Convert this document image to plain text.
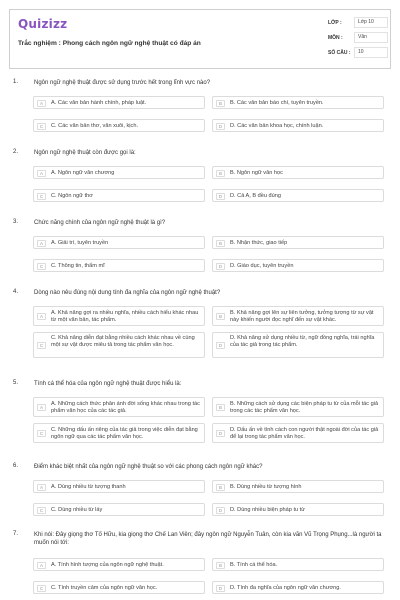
Quizizz
Trắc nghiệm : Phong cách ngôn ngữ nghệ thuật có đáp án
LỚP :	Lớp 10
MÔN :	Văn
SỐ CÂU :	10
1.	Ngôn ngữ nghệ thuật được sử dụng trước hết trong lĩnh vực nào?
A	A. Các văn bản hành chính, pháp luật.	B	B. Các văn bản báo chí, tuyên truyền.
C	C. Các văn bản thơ, văn xuôi, kịch.	D	D. Các văn bản khoa học, chính luận.
2.	Ngôn ngữ nghệ thuật còn được gọi là:
A	A. Ngôn ngữ văn chương	B	B. Ngôn ngữ văn học
C	C. Ngôn ngữ thơ	D	D. Cả A, B đều đúng
3.	Chức năng chính của ngôn ngữ nghệ thuật là gì?
A	A. Giải trí, tuyên truyền	B	B. Nhận thức, giao tiếp
C	C. Thông tin, thẩm mĩ	D	D. Giáo dục, tuyên truyền
4.	Dòng nào nêu đúng nội dung tính đa nghĩa của ngôn ngữ nghệ thuật?
A
A. Khả năng gợi ra nhiều nghĩa, nhiều cách hiểu khác nhau từ một văn bản, tác phẩm.
B
B. Khả năng gợi lên sự liên tưởng, tưởng tượng từ sự vật này khiến người đọc nghĩ đến sự vật khác.
C
C. Khả năng diễn đạt bằng nhiều cách khác nhau về cùng một sự vật được miêu tả trong tác phẩm văn học.	D
D. Khả năng sử dụng nhiều từ, ngữ đồng nghĩa, trái nghĩa của tác giả trong tác phẩm.
5.	Tính cá thể hóa của ngôn ngữ nghệ thuật được hiểu là:
A
A. Những cách thức phân ánh đời sống khác nhau trong tác phẩm văn học của các tác giả.
B
B. Những cách sử dụng các biện pháp tu từ của mỗi tác giả trong các tác phẩm văn học.
C
C. Những dấu ấn riêng của tác giả trong việc diễn đạt bằng ngôn ngữ qua các tác phẩm văn học.
D
D. Dấu ấn về tình cách con người thật ngoài đời của tác giả để lại trong tác phẩm văn học.
6.	Điểm khác biệt nhất của ngôn ngữ nghệ thuật so với các phong cách ngôn ngữ khác?
A	A. Dùng nhiều từ tượng thanh	B	B. Dùng nhiều từ tượng hình
C	C. Dùng nhiều từ láy	D	D. Dùng nhiều biện pháp tu từ
7.	Khi nói: Đây giọng thơ Tố Hữu, kia giọng thơ Chế Lan Viên; đây ngôn ngữ Nguyễn Tuân, còn kia văn Vũ Trọng Phụng...là người ta muốn nói tới:
A	A. Tính hình tượng của ngôn ngữ nghệ thuật.	B	B. Tính cá thể hóa.
C	C. Tính truyền cảm của ngôn ngữ văn học.	D	D. Tính đa nghĩa của ngôn ngữ văn chương.
